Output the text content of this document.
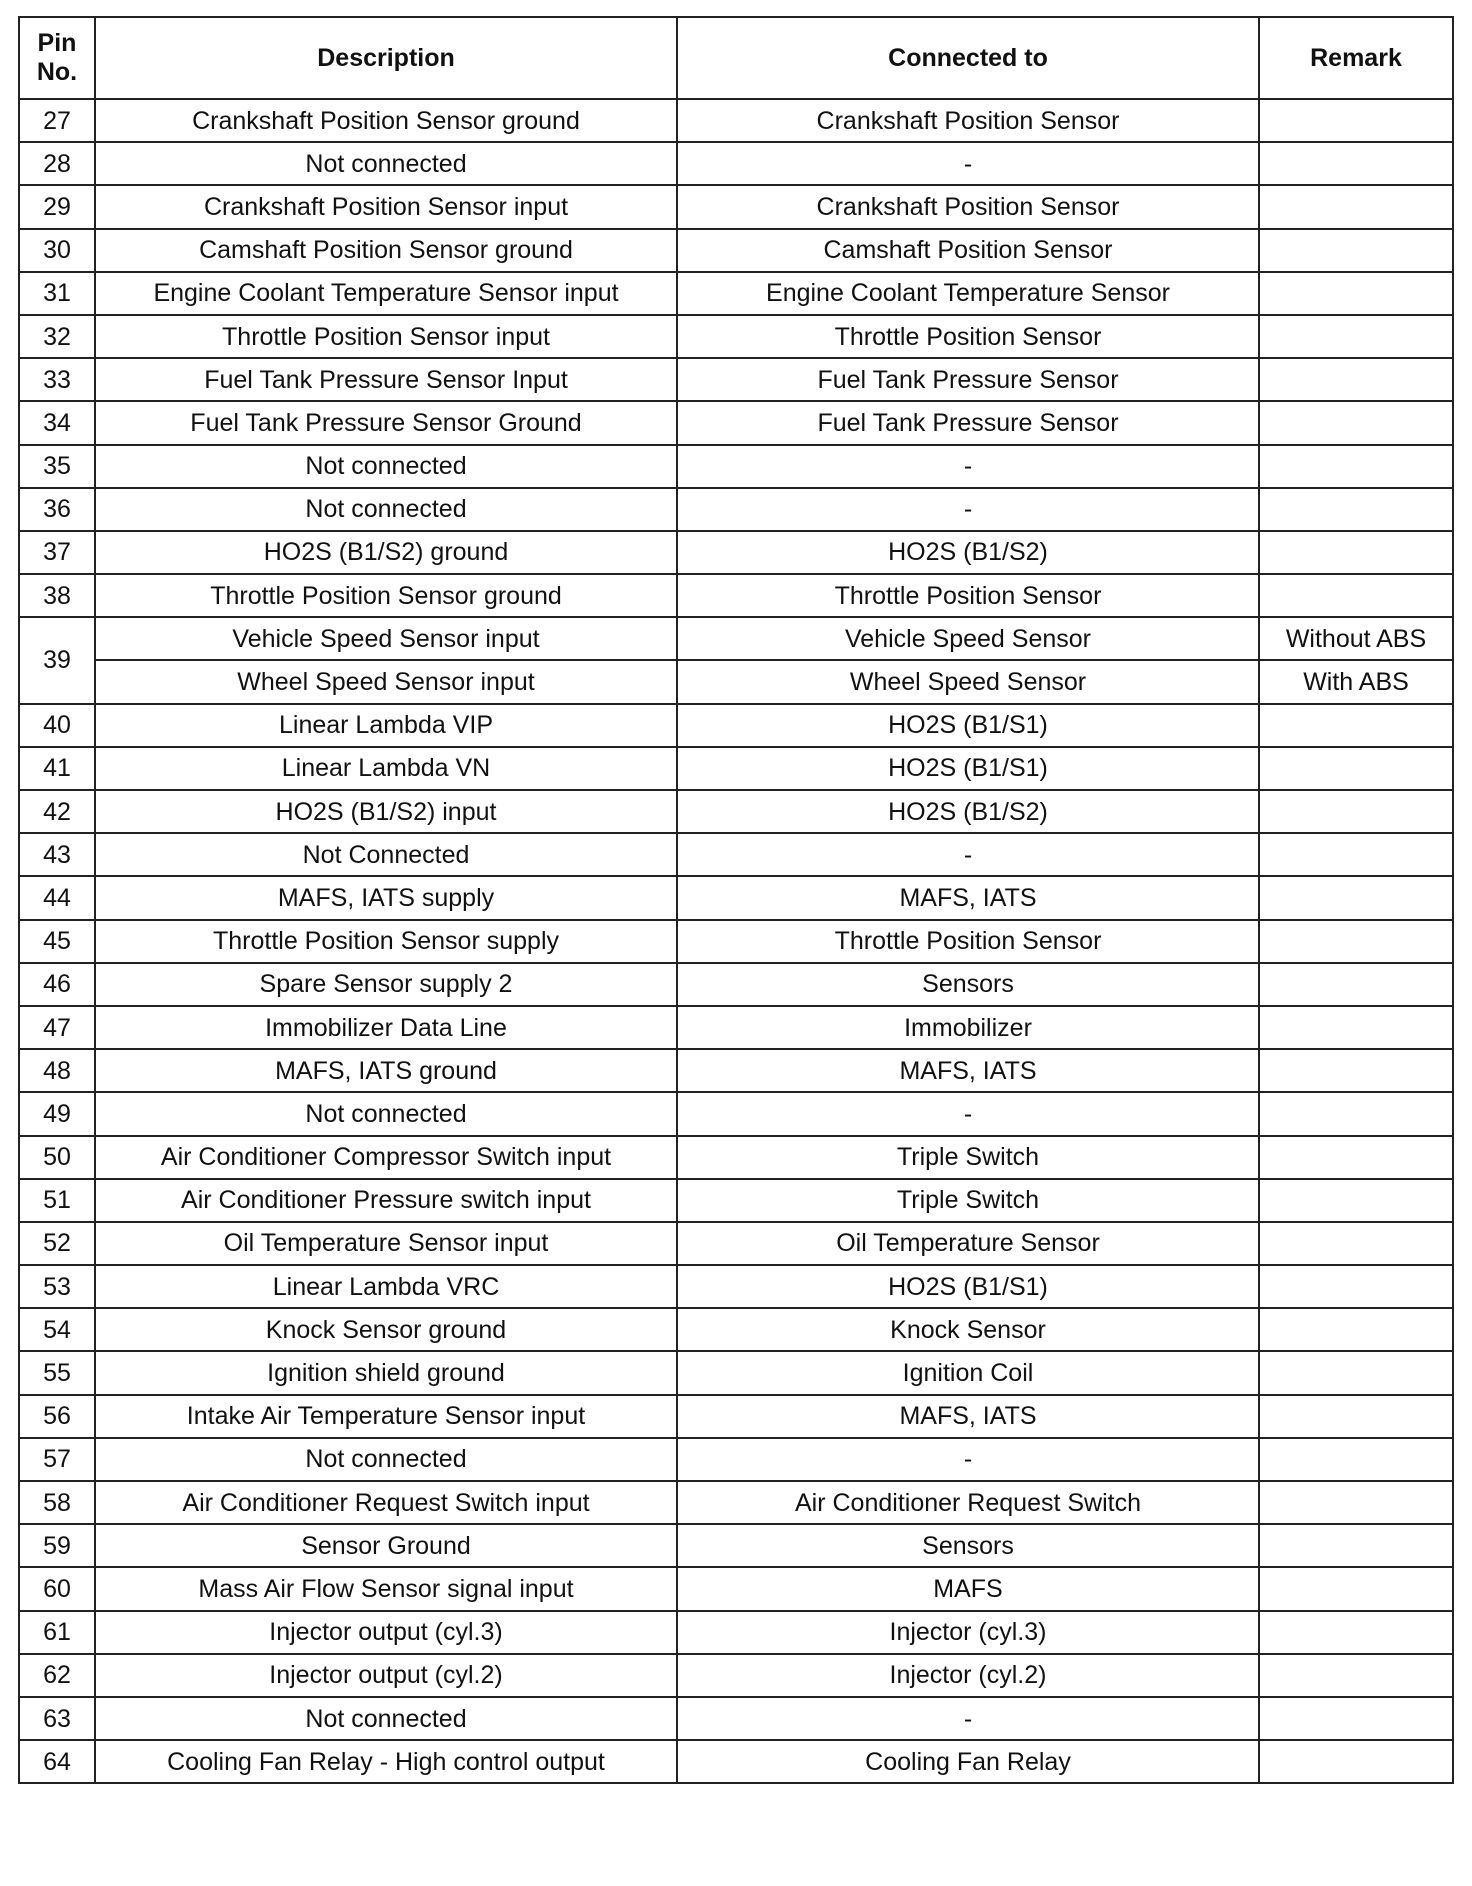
Pin
No.	Description	Connected to	Remark
27	Crankshaft Position Sensor ground	Crankshaft Position Sensor	
28	Not connected	-	
29	Crankshaft Position Sensor input	Crankshaft Position Sensor	
30	Camshaft Position Sensor ground	Camshaft Position Sensor	
31	Engine Coolant Temperature Sensor input	Engine Coolant Temperature Sensor	
32	Throttle Position Sensor input	Throttle Position Sensor	
33	Fuel Tank Pressure Sensor Input	Fuel Tank Pressure Sensor	
34	Fuel Tank Pressure Sensor Ground	Fuel Tank Pressure Sensor	
35	Not connected	-	
36	Not connected	-	
37	HO2S (B1/S2) ground	HO2S (B1/S2)	
38	Throttle Position Sensor ground	Throttle Position Sensor	
39	Vehicle Speed Sensor input	Vehicle Speed Sensor	Without ABS
	Wheel Speed Sensor input	Wheel Speed Sensor	With ABS
40	Linear Lambda VIP	HO2S (B1/S1)	
41	Linear Lambda VN	HO2S (B1/S1)	
42	HO2S (B1/S2) input	HO2S (B1/S2)	
43	Not Connected	-	
44	MAFS, IATS supply	MAFS, IATS	
45	Throttle Position Sensor supply	Throttle Position Sensor	
46	Spare Sensor supply 2	Sensors	
47	Immobilizer Data Line	Immobilizer	
48	MAFS, IATS ground	MAFS, IATS	
49	Not connected	-	
50	Air Conditioner Compressor Switch input	Triple Switch	
51	Air Conditioner Pressure switch input	Triple Switch	
52	Oil Temperature Sensor input	Oil Temperature Sensor	
53	Linear Lambda VRC	HO2S (B1/S1)	
54	Knock Sensor ground	Knock Sensor	
55	Ignition shield ground	Ignition Coil	
56	Intake Air Temperature Sensor input	MAFS, IATS	
57	Not connected	-	
58	Air Conditioner Request Switch input	Air Conditioner Request Switch	
59	Sensor Ground	Sensors	
60	Mass Air Flow Sensor signal input	MAFS	
61	Injector output (cyl.3)	Injector (cyl.3)	
62	Injector output (cyl.2)	Injector (cyl.2)	
63	Not connected	-	
64	Cooling Fan Relay - High control output	Cooling Fan Relay	
